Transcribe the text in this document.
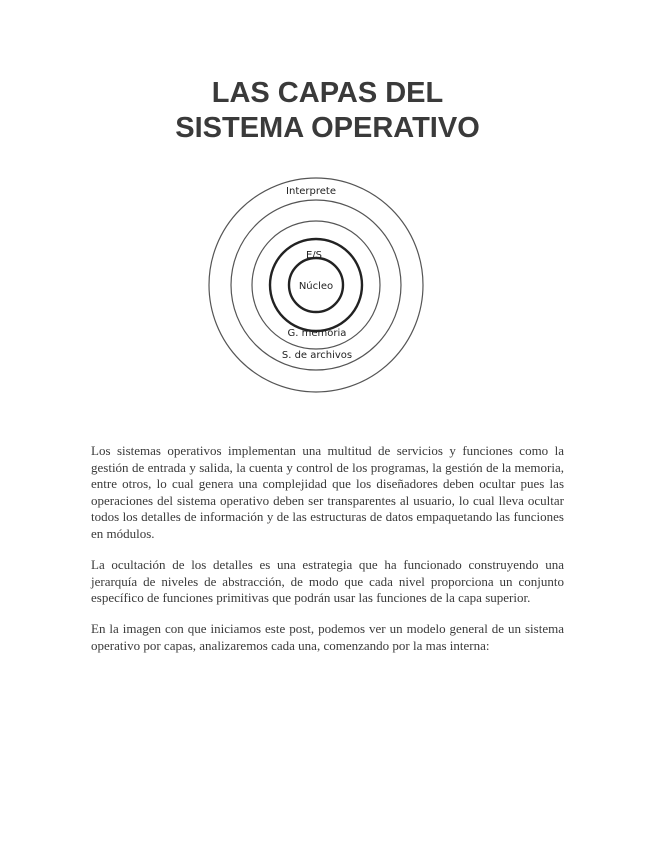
LAS CAPAS DEL
SISTEMA OPERATIVO
Interprete
E/S
Núcleo
G. memoria
S. de archivos

Los sistemas operativos implementan una multitud de servicios y funciones como la gestión de entrada y salida, la cuenta y control de los programas, la gestión de la memoria, entre otros, lo cual genera una complejidad que los diseñadores deben ocultar pues las operaciones del sistema operativo deben ser transparentes al usuario, lo cual lleva ocultar todos los detalles de información y de las estructuras de datos empaquetando las funciones en módulos.

La ocultación de los detalles es una estrategia que ha funcionado construyendo una jerarquía de niveles de abstracción, de modo que cada nivel proporciona un conjunto específico de funciones primitivas que podrán usar las funciones de la capa superior.

En la imagen con que iniciamos este post, podemos ver un modelo general de un sistema operativo por capas, analizaremos cada una, comenzando por la mas interna:
